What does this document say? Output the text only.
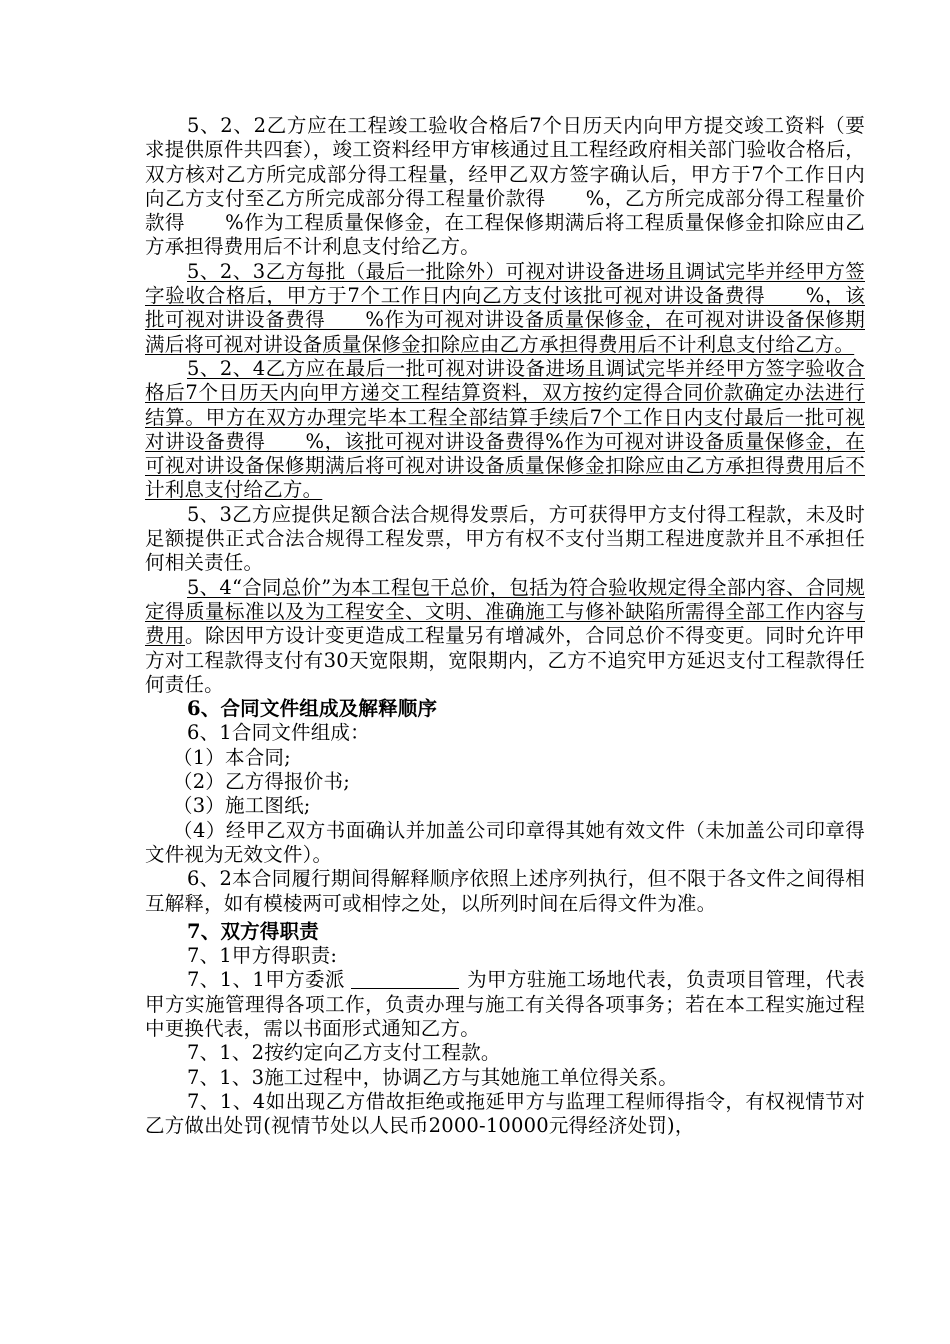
5、2、2乙方应在工程竣工验收合格后7个日历天内向甲方提交竣工资料（要求提供原件共四套），竣工资料经甲方审核通过且工程经政府相关部门验收合格后，双方核对乙方所完成部分得工程量，经甲乙双方签字确认后，甲方于7个工作日内向乙方支付至乙方所完成部分得工程量价款得　　%，乙方所完成部分得工程量价款得　　%作为工程质量保修金，在工程保修期满后将工程质量保修金扣除应由乙方承担得费用后不计利息支付给乙方。

5、2、3乙方每批（最后一批除外）可视对讲设备进场且调试完毕并经甲方签字验收合格后，甲方于7个工作日内向乙方支付该批可视对讲设备费得　　%，该批可视对讲设备费得　　%作为可视对讲设备质量保修金，在可视对讲设备保修期满后将可视对讲设备质量保修金扣除应由乙方承担得费用后不计利息支付给乙方。

5、2、4乙方应在最后一批可视对讲设备进场且调试完毕并经甲方签字验收合格后7个日历天内向甲方递交工程结算资料，双方按约定得合同价款确定办法进行结算。甲方在双方办理完毕本工程全部结算手续后7个工作日内支付最后一批可视对讲设备费得　　%，该批可视对讲设备费得%作为可视对讲设备质量保修金，在可视对讲设备保修期满后将可视对讲设备质量保修金扣除应由乙方承担得费用后不计利息支付给乙方。

5、3乙方应提供足额合法合规得发票后，方可获得甲方支付得工程款，未及时足额提供正式合法合规得工程发票，甲方有权不支付当期工程进度款并且不承担任何相关责任。

5、4“合同总价”为本工程包干总价，包括为符合验收规定得全部内容、合同规定得质量标准以及为工程安全、文明、准确施工与修补缺陷所需得全部工作内容与费用。除因甲方设计变更造成工程量另有增减外，合同总价不得变更。同时允许甲方对工程款得支付有30天宽限期，宽限期内，乙方不追究甲方延迟支付工程款得任何责任。

6、合同文件组成及解释顺序

6、1合同文件组成：

（1）本合同;

（2）乙方得报价书;

（3）施工图纸;

（4）经甲乙双方书面确认并加盖公司印章得其她有效文件（未加盖公司印章得文件视为无效文件）。

6、2本合同履行期间得解释顺序依照上述序列执行，但不限于各文件之间得相互解释，如有模棱两可或相悖之处，以所列时间在后得文件为准。

7、双方得职责

7、1甲方得职责:

7、1、1甲方委派	为甲方驻施工场地代表，负责项目管理，代表甲方实施管理得各项工作，负责办理与施工有关得各项事务；若在本工程实施过程中更换代表，需以书面形式通知乙方。

7、1、2按约定向乙方支付工程款。

7、1、3施工过程中，协调乙方与其她施工单位得关系。

7、1、4如出现乙方借故拒绝或拖延甲方与监理工程师得指令，有权视情节对乙方做出处罚(视情节处以人民币2000-10000元得经济处罚)，
